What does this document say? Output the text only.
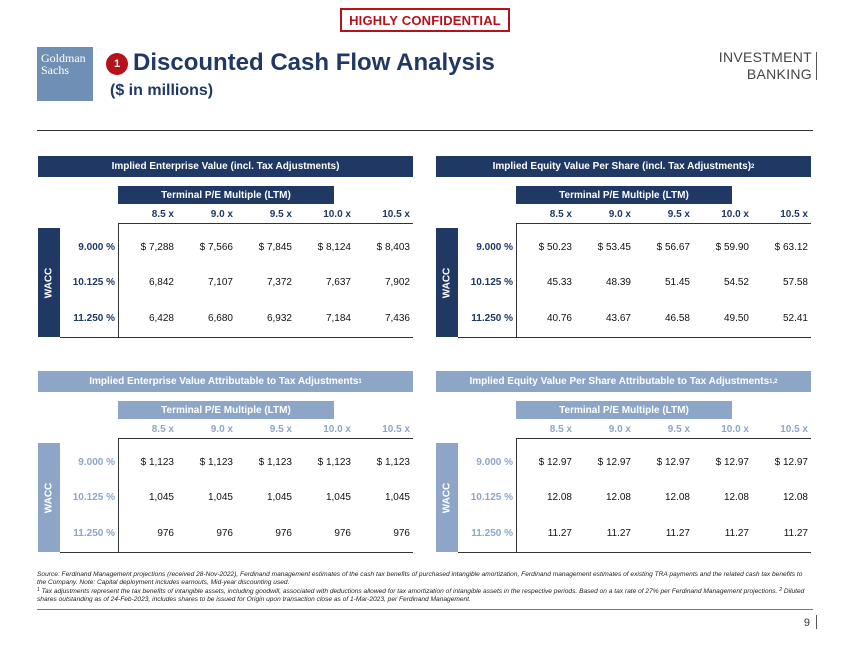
HIGHLY CONFIDENTIAL
Goldman
Sachs	1 Discounted Cash Flow Analysis
($ in millions)
INVESTMENT
BANKING
Implied Enterprise Value (incl. Tax Adjustments)
Terminal P/E Multiple (LTM)
8.5 x	9.0 x	9.5 x	10.0 x	10.5 x
WACC
9.000 %	$ 7,288	$ 7,566	$ 7,845	$ 8,124	$ 8,403
10.125 %	6,842	7,107	7,372	7,637	7,902
11.250 %	6,428	6,680	6,932	7,184	7,436
Implied Equity Value Per Share (incl. Tax Adjustments) 2
Terminal P/E Multiple (LTM)
8.5 x	9.0 x	9.5 x	10.0 x	10.5 x
WACC
9.000 %	$ 50.23	$ 53.45	$ 56.67	$ 59.90	$ 63.12
10.125 %	45.33	48.39	51.45	54.52	57.58
11.250 %	40.76	43.67	46.58	49.50	52.41
Implied Enterprise Value Attributable to Tax Adjustments 1
Terminal P/E Multiple (LTM)
8.5 x	9.0 x	9.5 x	10.0 x	10.5 x
WACC
9.000 %	$ 1,123	$ 1,123	$ 1,123	$ 1,123	$ 1,123
10.125 %	1,045	1,045	1,045	1,045	1,045
11.250 %	976	976	976	976	976
Implied Equity Value Per Share Attributable to Tax Adjustments 1,2
Terminal P/E Multiple (LTM)
8.5 x	9.0 x	9.5 x	10.0 x	10.5 x
WACC
9.000 %	$ 12.97	$ 12.97	$ 12.97	$ 12.97	$ 12.97
10.125 %	12.08	12.08	12.08	12.08	12.08
11.250 %	11.27	11.27	11.27	11.27	11.27
Source: Ferdinand Management projections (received 28-Nov-2022), Ferdinand management estimates of the cash tax benefits of purchased intangible amortization, Ferdinand management estimates of existing TRA payments and the related cash tax benefits to the Company. Note: Capital deployment includes earnouts, Mid-year discounting used.
$^1$ Tax adjustments represent the tax benefits of intangible assets, including goodwill, associated with deductions allowed for tax amortization of intangible assets in the respective periods. Based on a tax rate of 27% per Ferdinand Management projections. $^2$ Diluted shares outstanding as of 24-Feb-2023, includes shares to be issued for Origin upon transaction close as of 1-Mar-2023, per Ferdinand Management.
9
